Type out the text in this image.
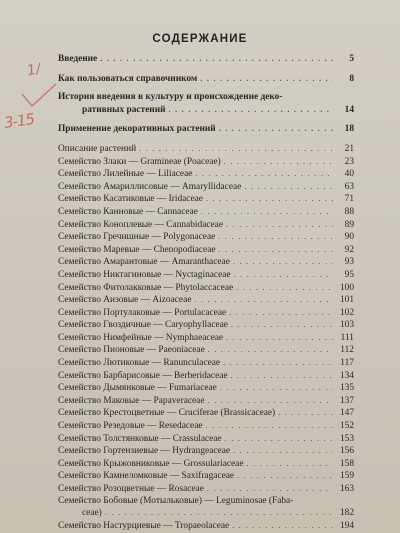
СОДЕРЖАНИЕ
1/
3-15
Введение . . .	5
Как пользоваться справочником . . .	8
История введения в культуру и происхождение деко-
ративных растений . . .	14
Применение декоративных растений . . .	18
Описание растений . . .	21
Семейство Злаки — Gramineae (Poaceae) . . .	23
Семейство Лилейные — Liliaceae . . .	40
Семейство Амариллисовые — Amaryllidaceae . . .	63
Семейство Касатиковые — Iridaceae . . .	71
Семейство Канновые — Cannaceae . . .	88
Семейство Коноплевые — Cannabidaceae . . .	89
Семейство Гречишные — Polygonaceae . . .	90
Семейство Маревые — Chenopodiaceae . . .	92
Семейство Амарантовые — Amaranthaceae . . .	93
Семейство Никтагиновые — Nyctaginaceae . . .	95
Семейство Фитолакковые — Phytolaccaceae . . .	100
Семейство Аизовые — Aizoaceae . . .	101
Семейство Портулаковые — Portulacaceae . . .	102
Семейство Гвоздичные — Caryophyllaceae . . .	103
Семейство Нимфейные — Nymphaeaceae . . .	111
Семейство Пионовые — Paeoniaceae . . .	112
Семейство Лютиковые — Ranunculaceae . . .	117
Семейство Барбарисовые — Berberidaceae . . .	134
Семейство Дымянковые — Fumariaceae . . .	135
Семейство Маковые — Papaveraceae . . .	137
Семейство Крестоцветные — Cruciferae (Brassicaceae) . . .	147
Семейство Резедовые — Resedaceae . . .	152
Семейство Толстянковые — Crassulaceae . . .	153
Семейство Гортензиевые — Hydrangeaceae . . .	156
Семейство Крыжовниковые — Grossulariaceae . . .	158
Семейство Камнеломковые — Saxifragaceae . . .	159
Семейство Розоцветные — Rosaceae . . .	163
Семейство Бобовые (Мотыльковые) — Leguminosae (Faba-
ceae) . . .	182
Семейство Настурциевые — Tropaeolaceae . . .	194
